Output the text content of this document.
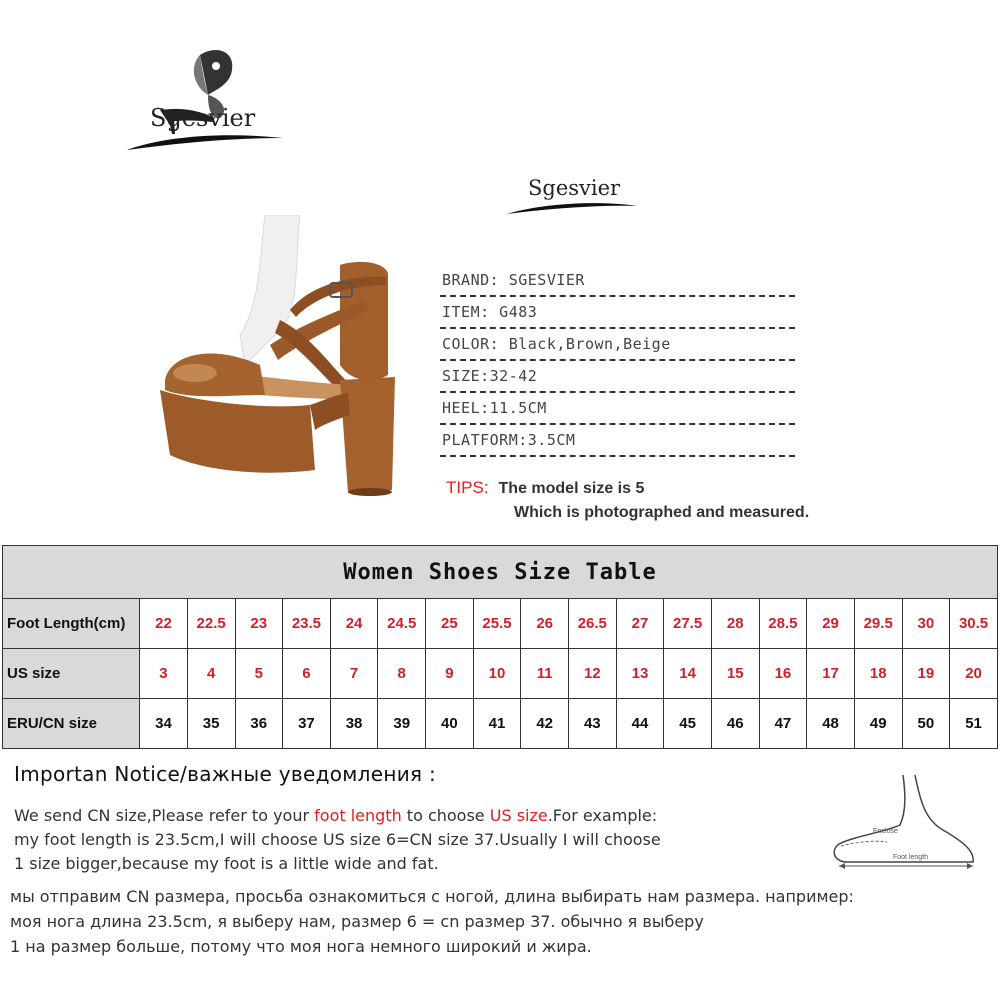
Sgesvier
Sgesvier
BRAND: SGESVIER
ITEM: G483
COLOR: Black,Brown,Beige
SIZE:32-42
HEEL:11.5CM
PLATFORM:3.5CM
TIPS: The model size is 5
Which is photographed and measured.
Women Shoes Size Table																		
Foot Length(cm)	22	22.5	23	23.5	24	24.5	25	25.5	26	26.5	27	27.5	28	28.5	29	29.5	30	30.5
US size	3	4	5	6	7	8	9	10	11	12	13	14	15	16	17	18	19	20
ERU/CN size	34	35	36	37	38	39	40	41	42	43	44	45	46	47	48	49	50	51
Importan Notice/важные уведомления :
We send CN size,Please refer to your foot length to choose US size.For example:
my foot length is 23.5cm,I will choose US size 6=CN size 37.Usually I will choose
1 size bigger,because my foot is a little wide and fat.
мы отправим CN размера, просьба ознакомиться с ногой, длина выбирать нам размера. например:
моя нога длина 23.5cm, я выберу нам, размер 6 = cn размер 37. обычно я выберу
1 на размер больше, потому что моя нога немного широкий и жира.
Enclose
Foot length
